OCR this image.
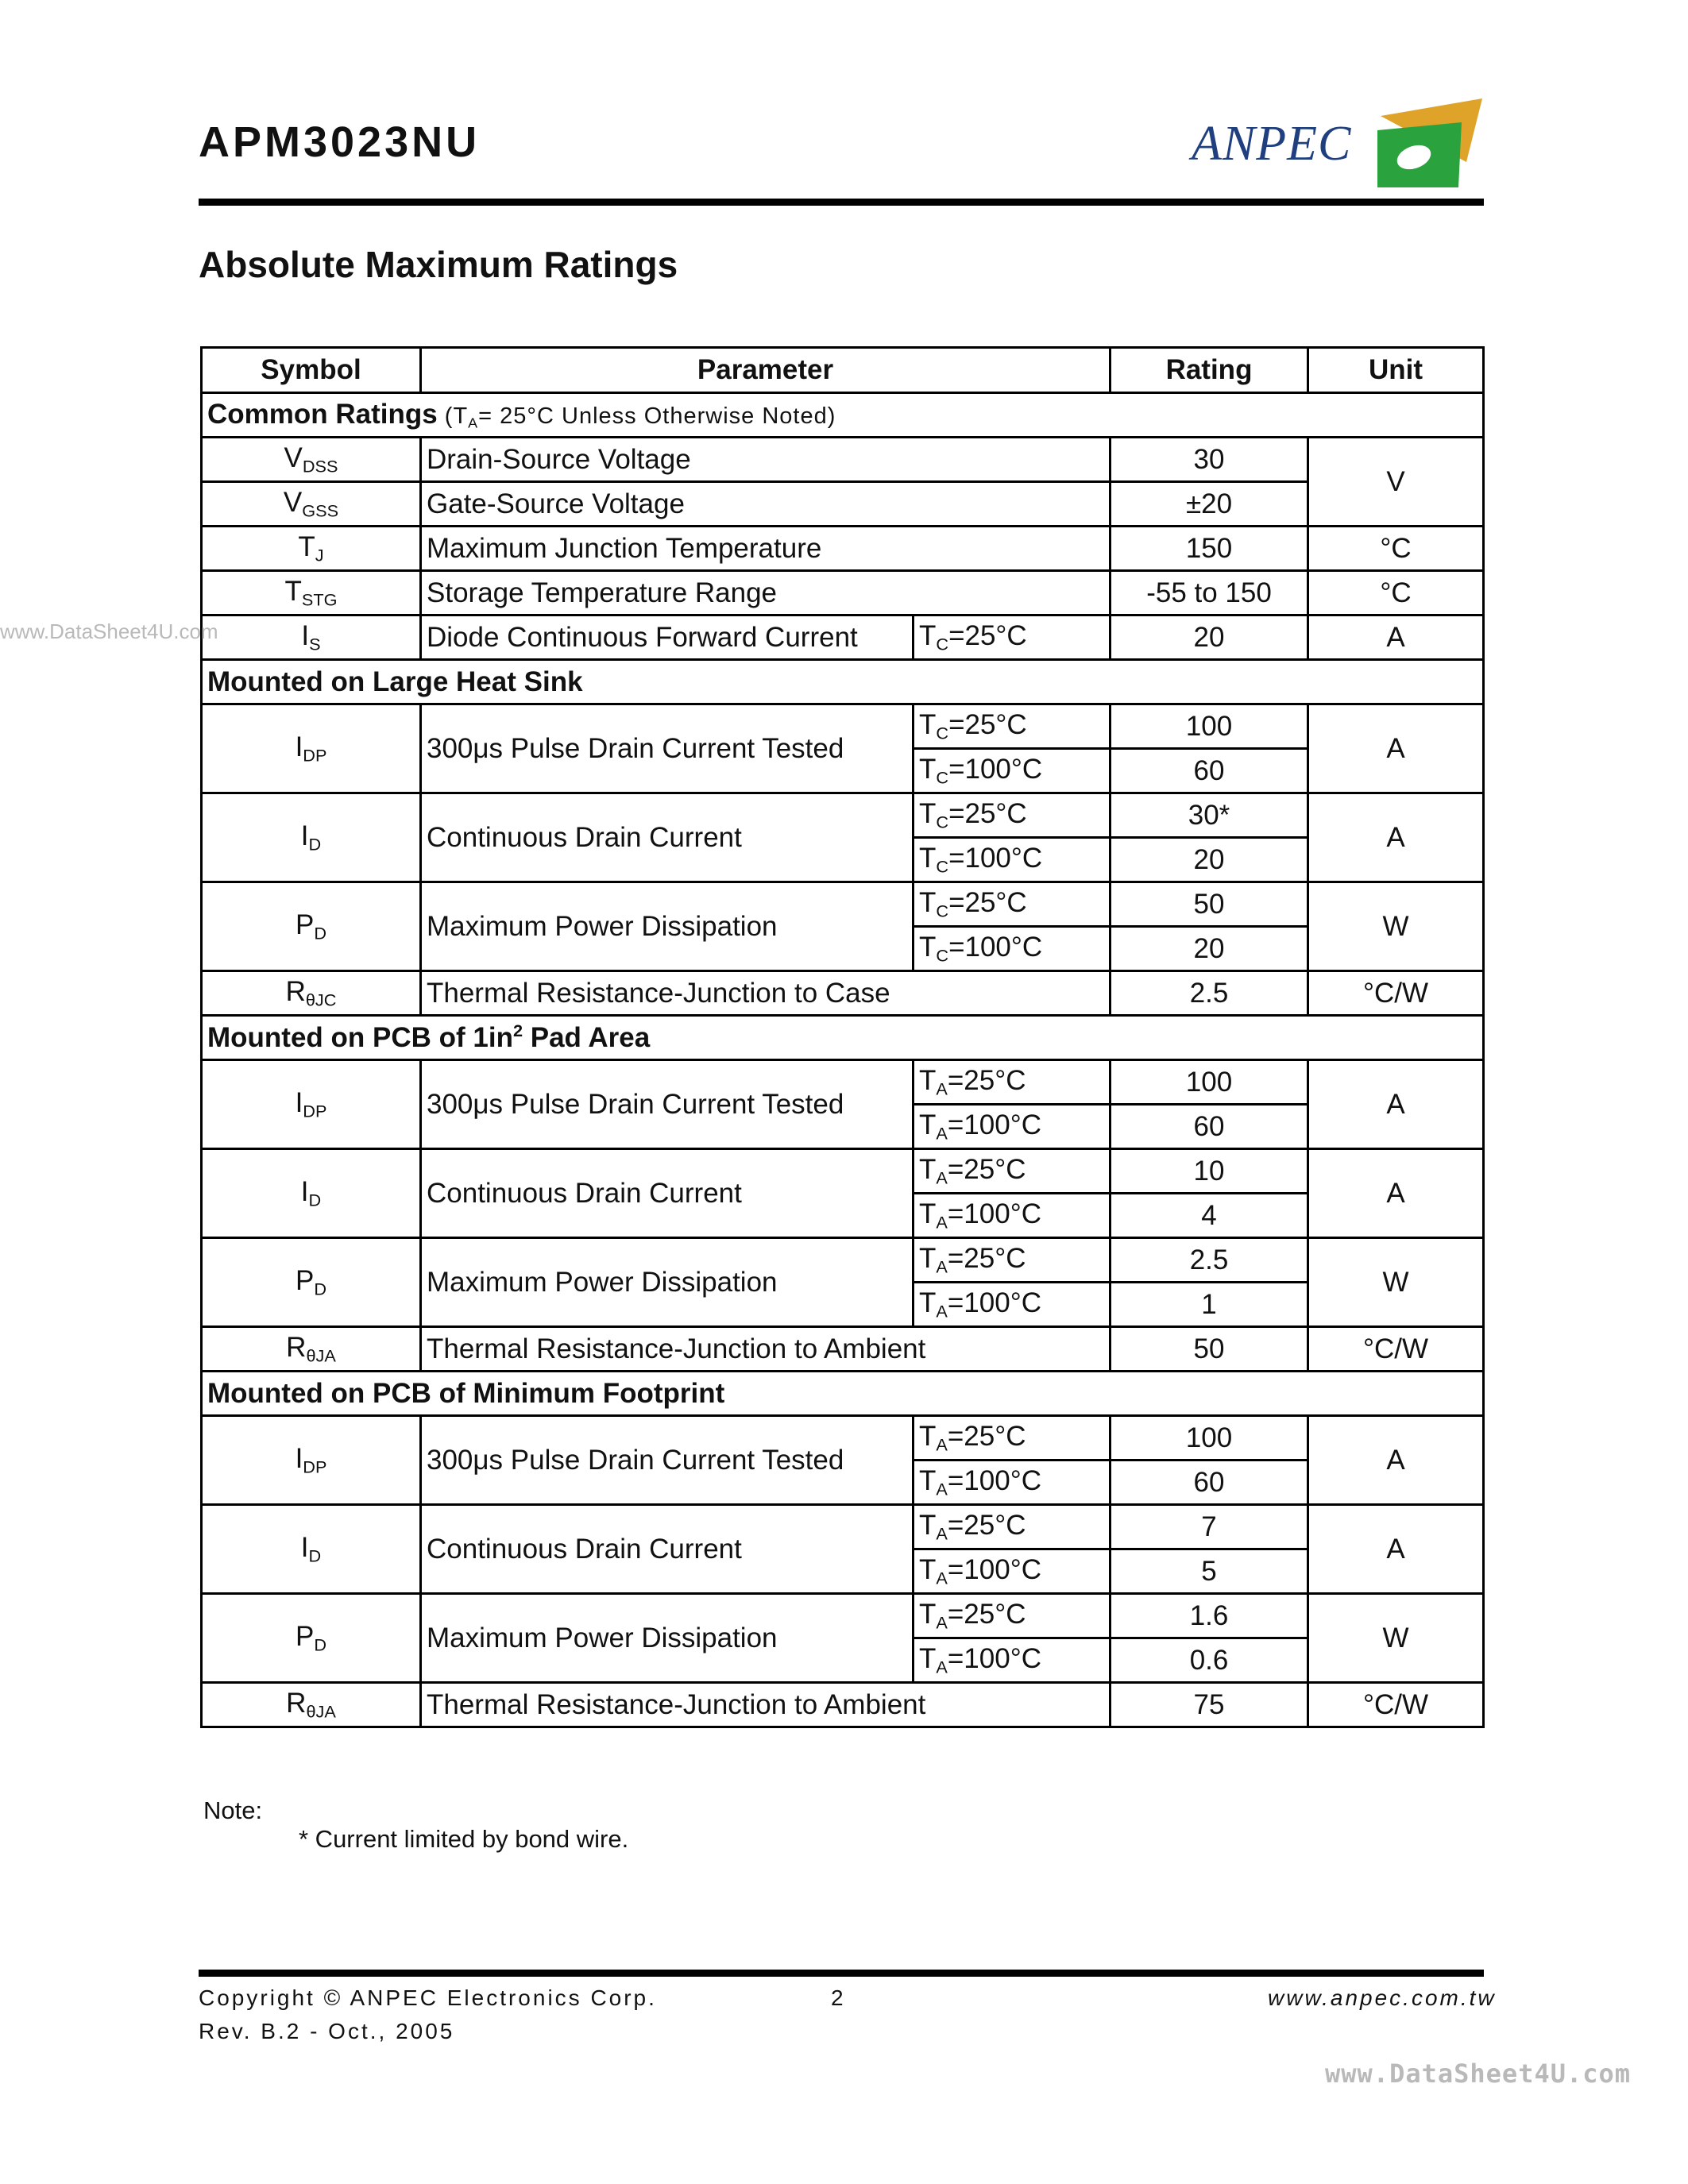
APM3023NU	ANPEC
Absolute Maximum Ratings
Symbol	Parameter		Rating	Unit
Common Ratings ($T_A= 25^\circ C$ Unless Otherwise Noted)				
$V_{DSS}$	Drain-Source Voltage		30	V
$V_{GSS}$	Gate-Source Voltage		±20	
$T_J$	Maximum Junction Temperature		150	°C
$T_{STG}$	Storage Temperature Range		-55 to 150	°C
$I_S$	Diode Continuous Forward Current	$T_C=25^\circ C$	20	A
Mounted on Large Heat Sink				
$I_{DP}$	300μs Pulse Drain Current Tested	$T_C=25^\circ C$	100	A
		$T_C=100^\circ C$	60	
$I_D$	Continuous Drain Current	$T_C=25^\circ C$	30*	A
		$T_C=100^\circ C$	20	
$P_D$	Maximum Power Dissipation	$T_C=25^\circ C$	50	W
		$T_C=100^\circ C$	20	
$R_{\theta JC}$	Thermal Resistance-Junction to Case		2.5	°C/W
Mounted on PCB of $1in^2$ Pad Area				
$I_{DP}$	300μs Pulse Drain Current Tested	$T_A=25^\circ C$	100	A
		$T_A=100^\circ C$	60	
$I_D$	Continuous Drain Current	$T_A=25^\circ C$	10	A
		$T_A=100^\circ C$	4	
$P_D$	Maximum Power Dissipation	$T_A=25^\circ C$	2.5	W
		$T_A=100^\circ C$	1	
$R_{\theta JA}$	Thermal Resistance-Junction to Ambient		50	°C/W
Mounted on PCB of Minimum Footprint				
$I_{DP}$	300μs Pulse Drain Current Tested	$T_A=25^\circ C$	100	A
		$T_A=100^\circ C$	60	
$I_D$	Continuous Drain Current	$T_A=25^\circ C$	7	A
		$T_A=100^\circ C$	5	
$P_D$	Maximum Power Dissipation	$T_A=25^\circ C$	1.6	W
		$T_A=100^\circ C$	0.6	
$R_{\theta JA}$	Thermal Resistance-Junction to Ambient		75	°C/W
Note:
* Current limited by bond wire.
Copyright © ANPEC Electronics Corp.
Rev. B.2 - Oct., 2005
2	www.anpec.com.tw
www.DataSheet4U.com
www.DataSheet4U.com
